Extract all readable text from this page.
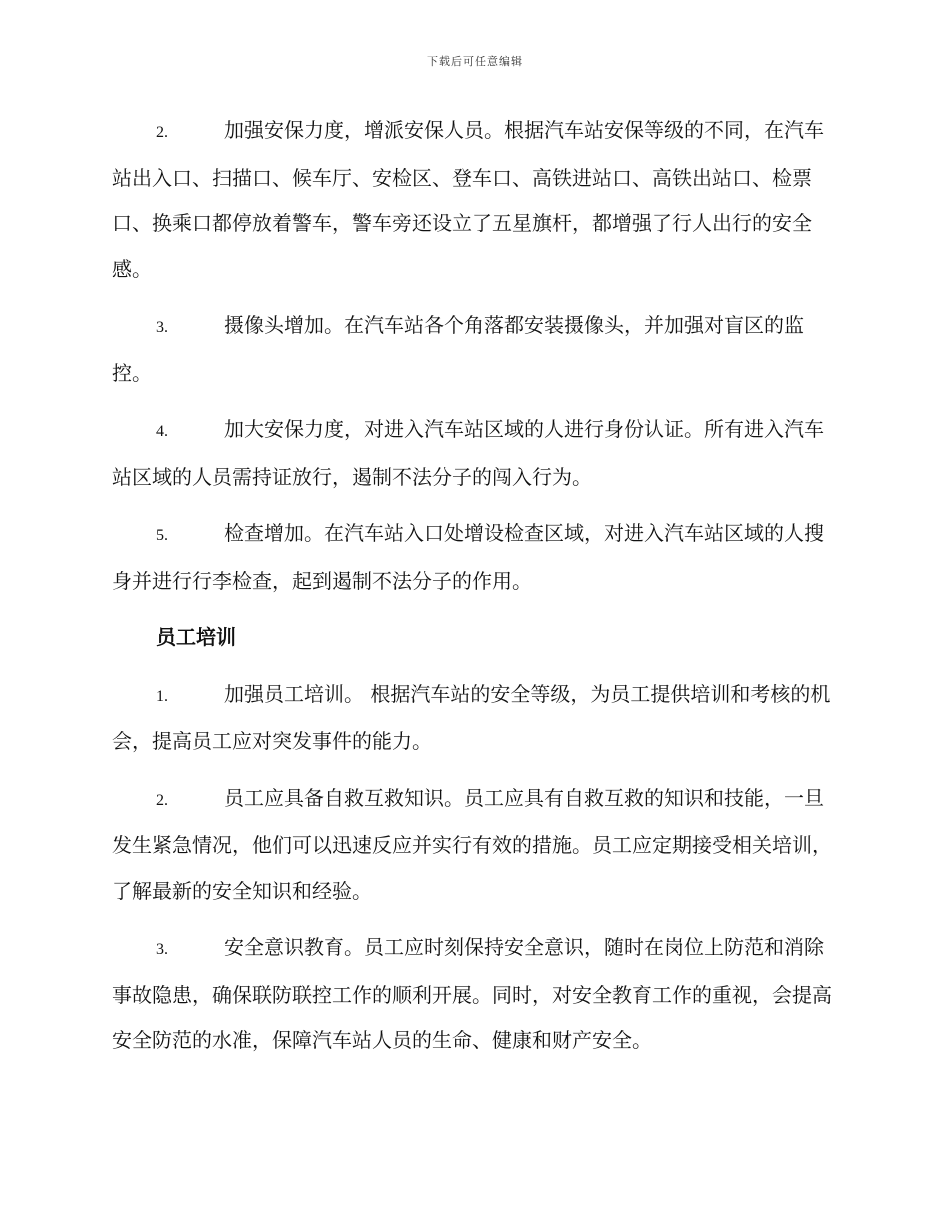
下载后可任意编辑

2.	加强安保力度，增派安保人员。根据汽车站安保等级的不同，在汽车站出入口、扫描口、候车厅、安检区、登车口、高铁进站口、高铁出站口、检票口、换乘口都停放着警车，警车旁还设立了五星旗杆，都增强了行人出行的安全感。

3.	摄像头增加。在汽车站各个角落都安装摄像头，并加强对盲区的监控。

4.	加大安保力度，对进入汽车站区域的人进行身份认证。所有进入汽车站区域的人员需持证放行，遏制不法分子的闯入行为。

5.	检查增加。在汽车站入口处增设检查区域，对进入汽车站区域的人搜身并进行行李检查，起到遏制不法分子的作用。

员工培训

1.	加强员工培训。 根据汽车站的安全等级，为员工提供培训和考核的机会，提高员工应对突发事件的能力。

2.	员工应具备自救互救知识。员工应具有自救互救的知识和技能，一旦发生紧急情况，他们可以迅速反应并实行有效的措施。员工应定期接受相关培训，了解最新的安全知识和经验。

3.	安全意识教育。员工应时刻保持安全意识，随时在岗位上防范和消除事故隐患，确保联防联控工作的顺利开展。同时，对安全教育工作的重视，会提高安全防范的水准，保障汽车站人员的生命、健康和财产安全。
